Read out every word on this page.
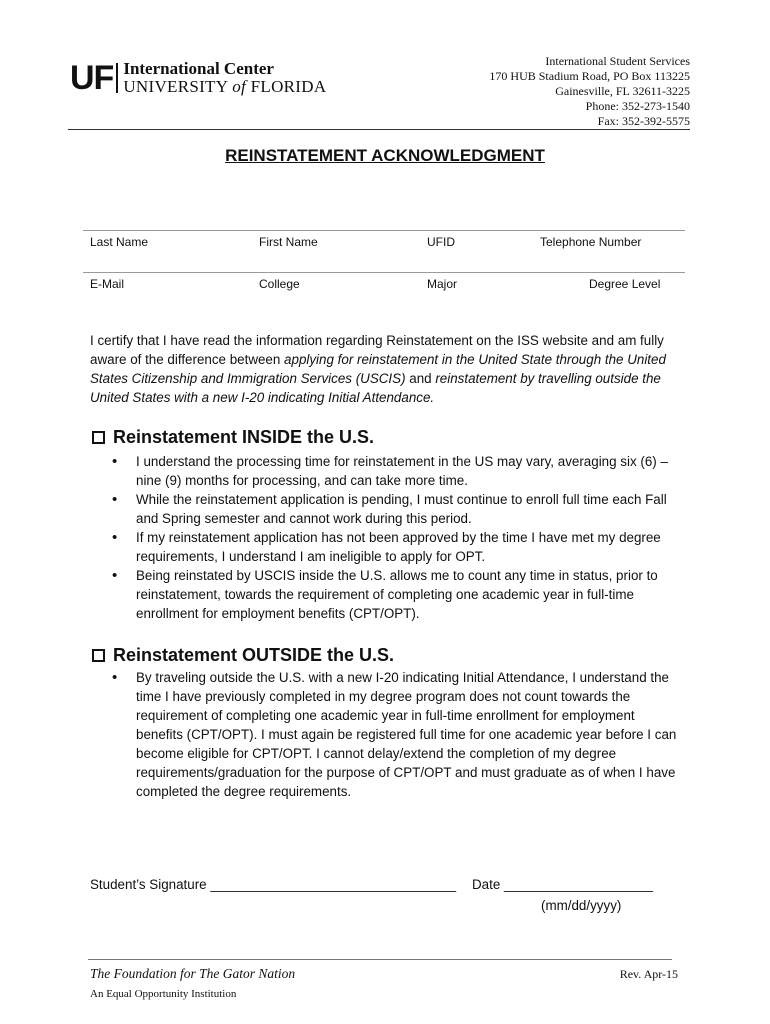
UF International Center
UNIVERSITY of FLORIDA
International Student Services
170 HUB Stadium Road, PO Box 113225
Gainesville, FL 32611-3225
Phone: 352-273-1540
Fax: 352-392-5575
REINSTATEMENT ACKNOWLEDGMENT
Last Name	First Name	UFID	Telephone Number
E-Mail	College	Major	Degree Level
I certify that I have read the information regarding Reinstatement on the ISS website and am fully aware of the difference between applying for reinstatement in the United State through the United States Citizenship and Immigration Services (USCIS) and reinstatement by travelling outside the United States with a new I-20 indicating Initial Attendance.
Reinstatement INSIDE the U.S.
• I understand the processing time for reinstatement in the US may vary, averaging six (6) – nine (9) months for processing, and can take more time.
• While the reinstatement application is pending, I must continue to enroll full time each Fall and Spring semester and cannot work during this period.
• If my reinstatement application has not been approved by the time I have met my degree requirements, I understand I am ineligible to apply for OPT.
• Being reinstated by USCIS inside the U.S. allows me to count any time in status, prior to reinstatement, towards the requirement of completing one academic year in full-time enrollment for employment benefits (CPT/OPT).
Reinstatement OUTSIDE the U.S.
• By traveling outside the U.S. with a new I-20 indicating Initial Attendance, I understand the time I have previously completed in my degree program does not count towards the requirement of completing one academic year in full-time enrollment for employment benefits (CPT/OPT). I must again be registered full time for one academic year before I can become eligible for CPT/OPT. I cannot delay/extend the completion of my degree requirements/graduation for the purpose of CPT/OPT and must graduate as of when I have completed the degree requirements.
Student’s Signature _________________________________ Date ____________________
(mm/dd/yyyy)
The Foundation for The Gator Nation
An Equal Opportunity Institution
Rev. Apr-15
